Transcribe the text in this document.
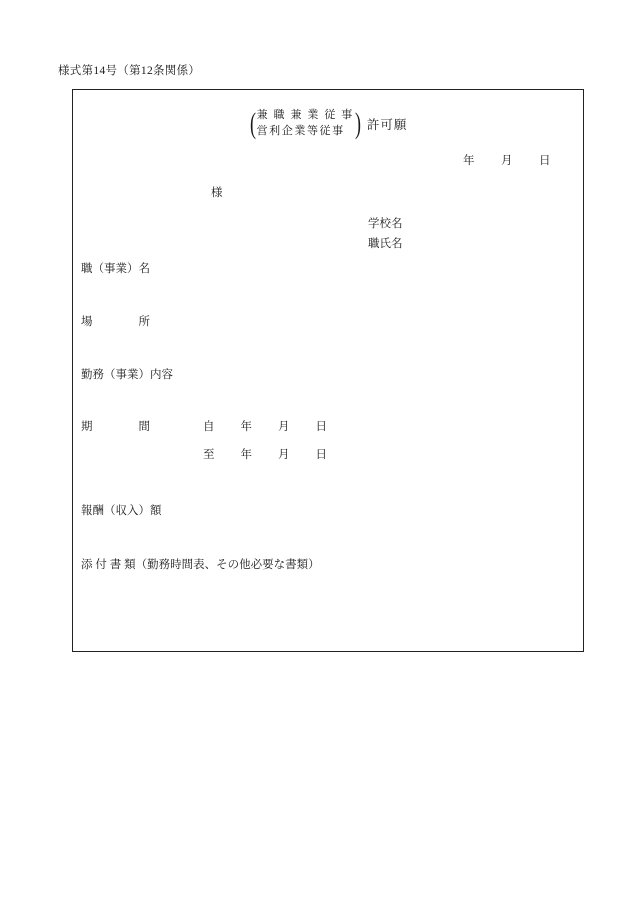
様式第14号（第12条関係）
( 兼 職 兼 業 従 事
営利企業等従事 ) 許可願
年 月 日
様
学校名
職氏名
職（事業）名
場　　　　所
勤務（事業）内容
期　　　　間	自 年 月 日
至 年 月 日
報酬（収入）額
添 付 書 類（勤務時間表、その他必要な書類）
